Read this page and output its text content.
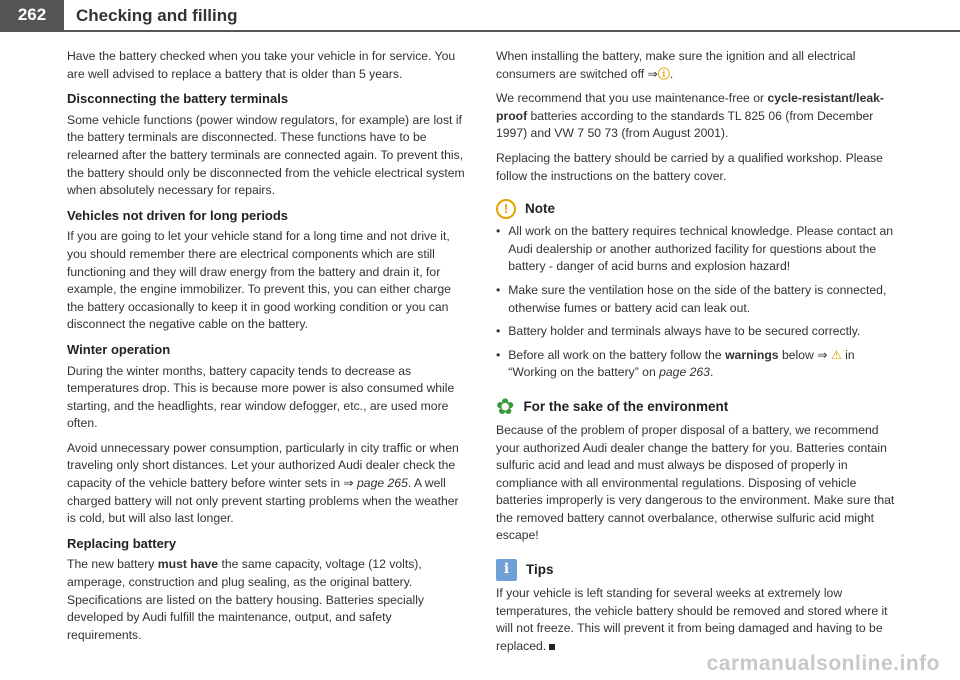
262	Checking and filling

Have the battery checked when you take your vehicle in for service. You are well advised to replace a battery that is older than 5 years.

Disconnecting the battery terminals

Some vehicle functions (power window regulators, for example) are lost if the battery terminals are disconnected. These functions have to be relearned after the battery terminals are connected again. To prevent this, the battery should only be disconnected from the vehicle electrical system when absolutely necessary for repairs.

Vehicles not driven for long periods

If you are going to let your vehicle stand for a long time and not drive it, you should remember there are electrical components which are still functioning and they will draw energy from the battery and drain it, for example, the engine immobilizer. To prevent this, you can either charge the battery occasionally to keep it in good working condition or you can disconnect the negative cable on the battery.

Winter operation

During the winter months, battery capacity tends to decrease as temperatures drop. This is because more power is also consumed while starting, and the headlights, rear window defogger, etc., are used more often.

Avoid unnecessary power consumption, particularly in city traffic or when traveling only short distances. Let your authorized Audi dealer check the capacity of the vehicle battery before winter sets in ⇒ page 265. A well charged battery will not only prevent starting problems when the weather is cold, but will also last longer.

Replacing battery

The new battery must have the same capacity, voltage (12 volts), amperage, construction and plug sealing, as the original battery. Specifications are listed on the battery housing. Batteries specially developed by Audi fulfill the maintenance, output, and safety requirements.

When installing the battery, make sure the ignition and all electrical consumers are switched off ⇒ⓘ.

We recommend that you use maintenance-free or cycle-resistant/leak-proof batteries according to the standards TL 825 06 (from December 1997) and VW 7 50 73 (from August 2001).

Replacing the battery should be carried by a qualified workshop. Please follow the instructions on the battery cover.

!	Note
• All work on the battery requires technical knowledge. Please contact an Audi dealership or another authorized facility for questions about the battery - danger of acid burns and explosion hazard!
• Make sure the ventilation hose on the side of the battery is connected, otherwise fumes or battery acid can leak out.
• Battery holder and terminals always have to be secured correctly.
• Before all work on the battery follow the warnings below ⇒ ⚠ in “Working on the battery” on page 263.
✿ For the sake of the environment

Because of the problem of proper disposal of a battery, we recommend your authorized Audi dealer change the battery for you. Batteries contain sulfuric acid and lead and must always be disposed of properly in compliance with all environmental regulations. Disposing of vehicle batteries improperly is very dangerous to the environment. Make sure that the removed battery cannot overbalance, otherwise sulfuric acid might escape!

i	Tips

If your vehicle is left standing for several weeks at extremely low temperatures, the vehicle battery should be removed and stored where it will not freeze. This will prevent it from being damaged and having to be replaced.

carmanualsonline.info
